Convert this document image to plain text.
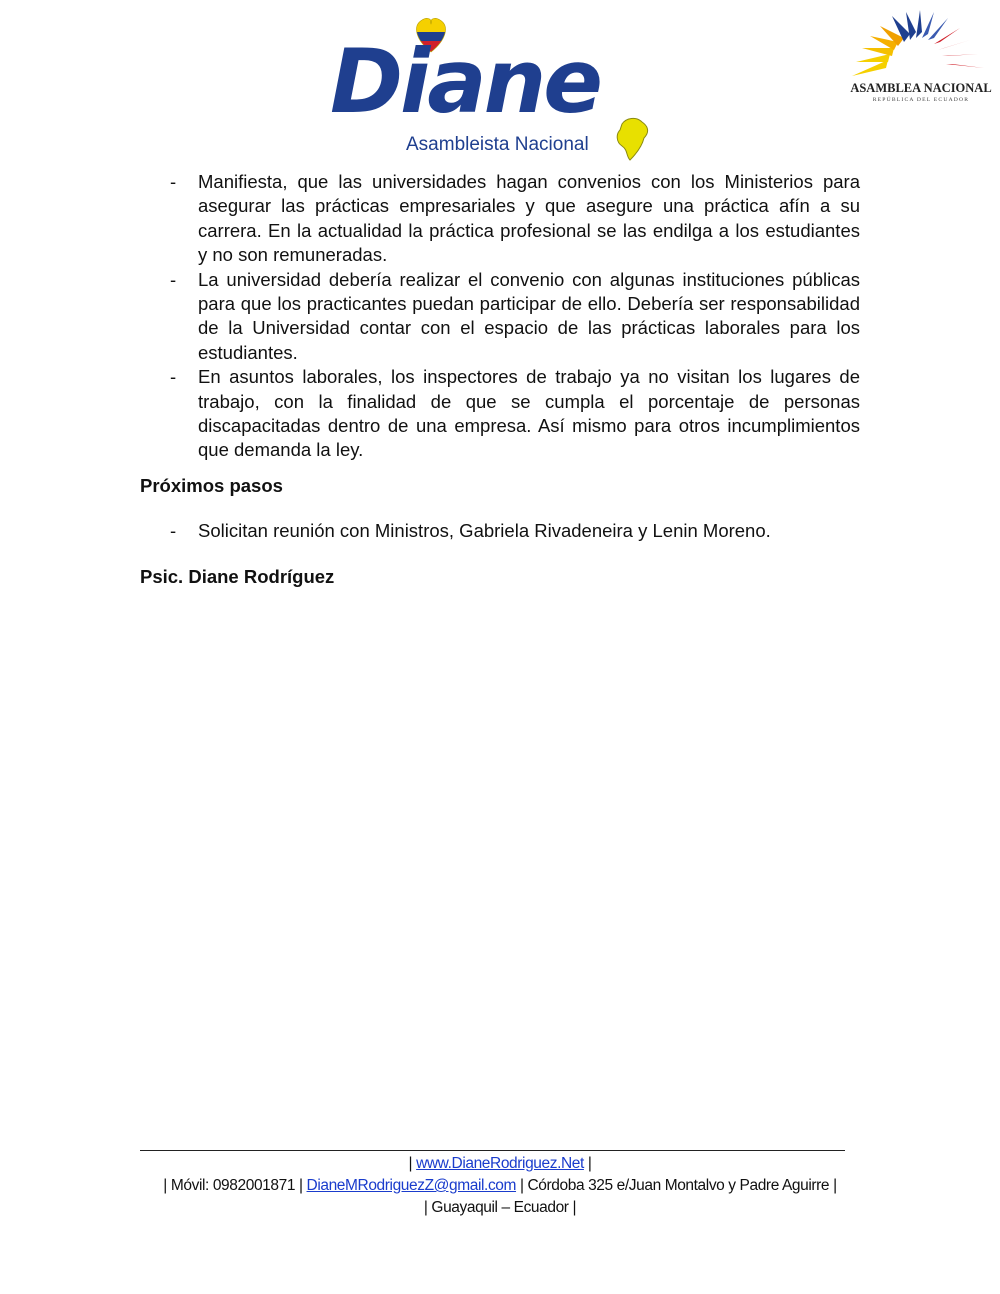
Diane
Asambleista Nacional
ASAMBLEA NACIONAL
REPÚBLICA DEL ECUADOR
- Manifiesta, que las universidades hagan convenios con los Ministerios para asegurar las prácticas empresariales y que asegure una práctica afín a su carrera. En la actualidad la práctica profesional se las endilga a los estudiantes y no son remuneradas.
- La universidad debería realizar el convenio con algunas instituciones públicas para que los practicantes puedan participar de ello. Debería ser responsabilidad de la Universidad contar con el espacio de las prácticas laborales para los estudiantes.
- En asuntos laborales, los inspectores de trabajo ya no visitan los lugares de trabajo, con la finalidad de que se cumpla el porcentaje de personas discapacitadas dentro de una empresa. Así mismo para otros incumplimientos que demanda la ley.
Próximos pasos
- Solicitan reunión con Ministros, Gabriela Rivadeneira y Lenin Moreno.
Psic. Diane Rodríguez
| www.DianeRodriguez.Net |
| Móvil: 0982001871 | DianeMRodriguezZ@gmail.com | Córdoba 325 e/Juan Montalvo y Padre Aguirre |
| Guayaquil – Ecuador |
